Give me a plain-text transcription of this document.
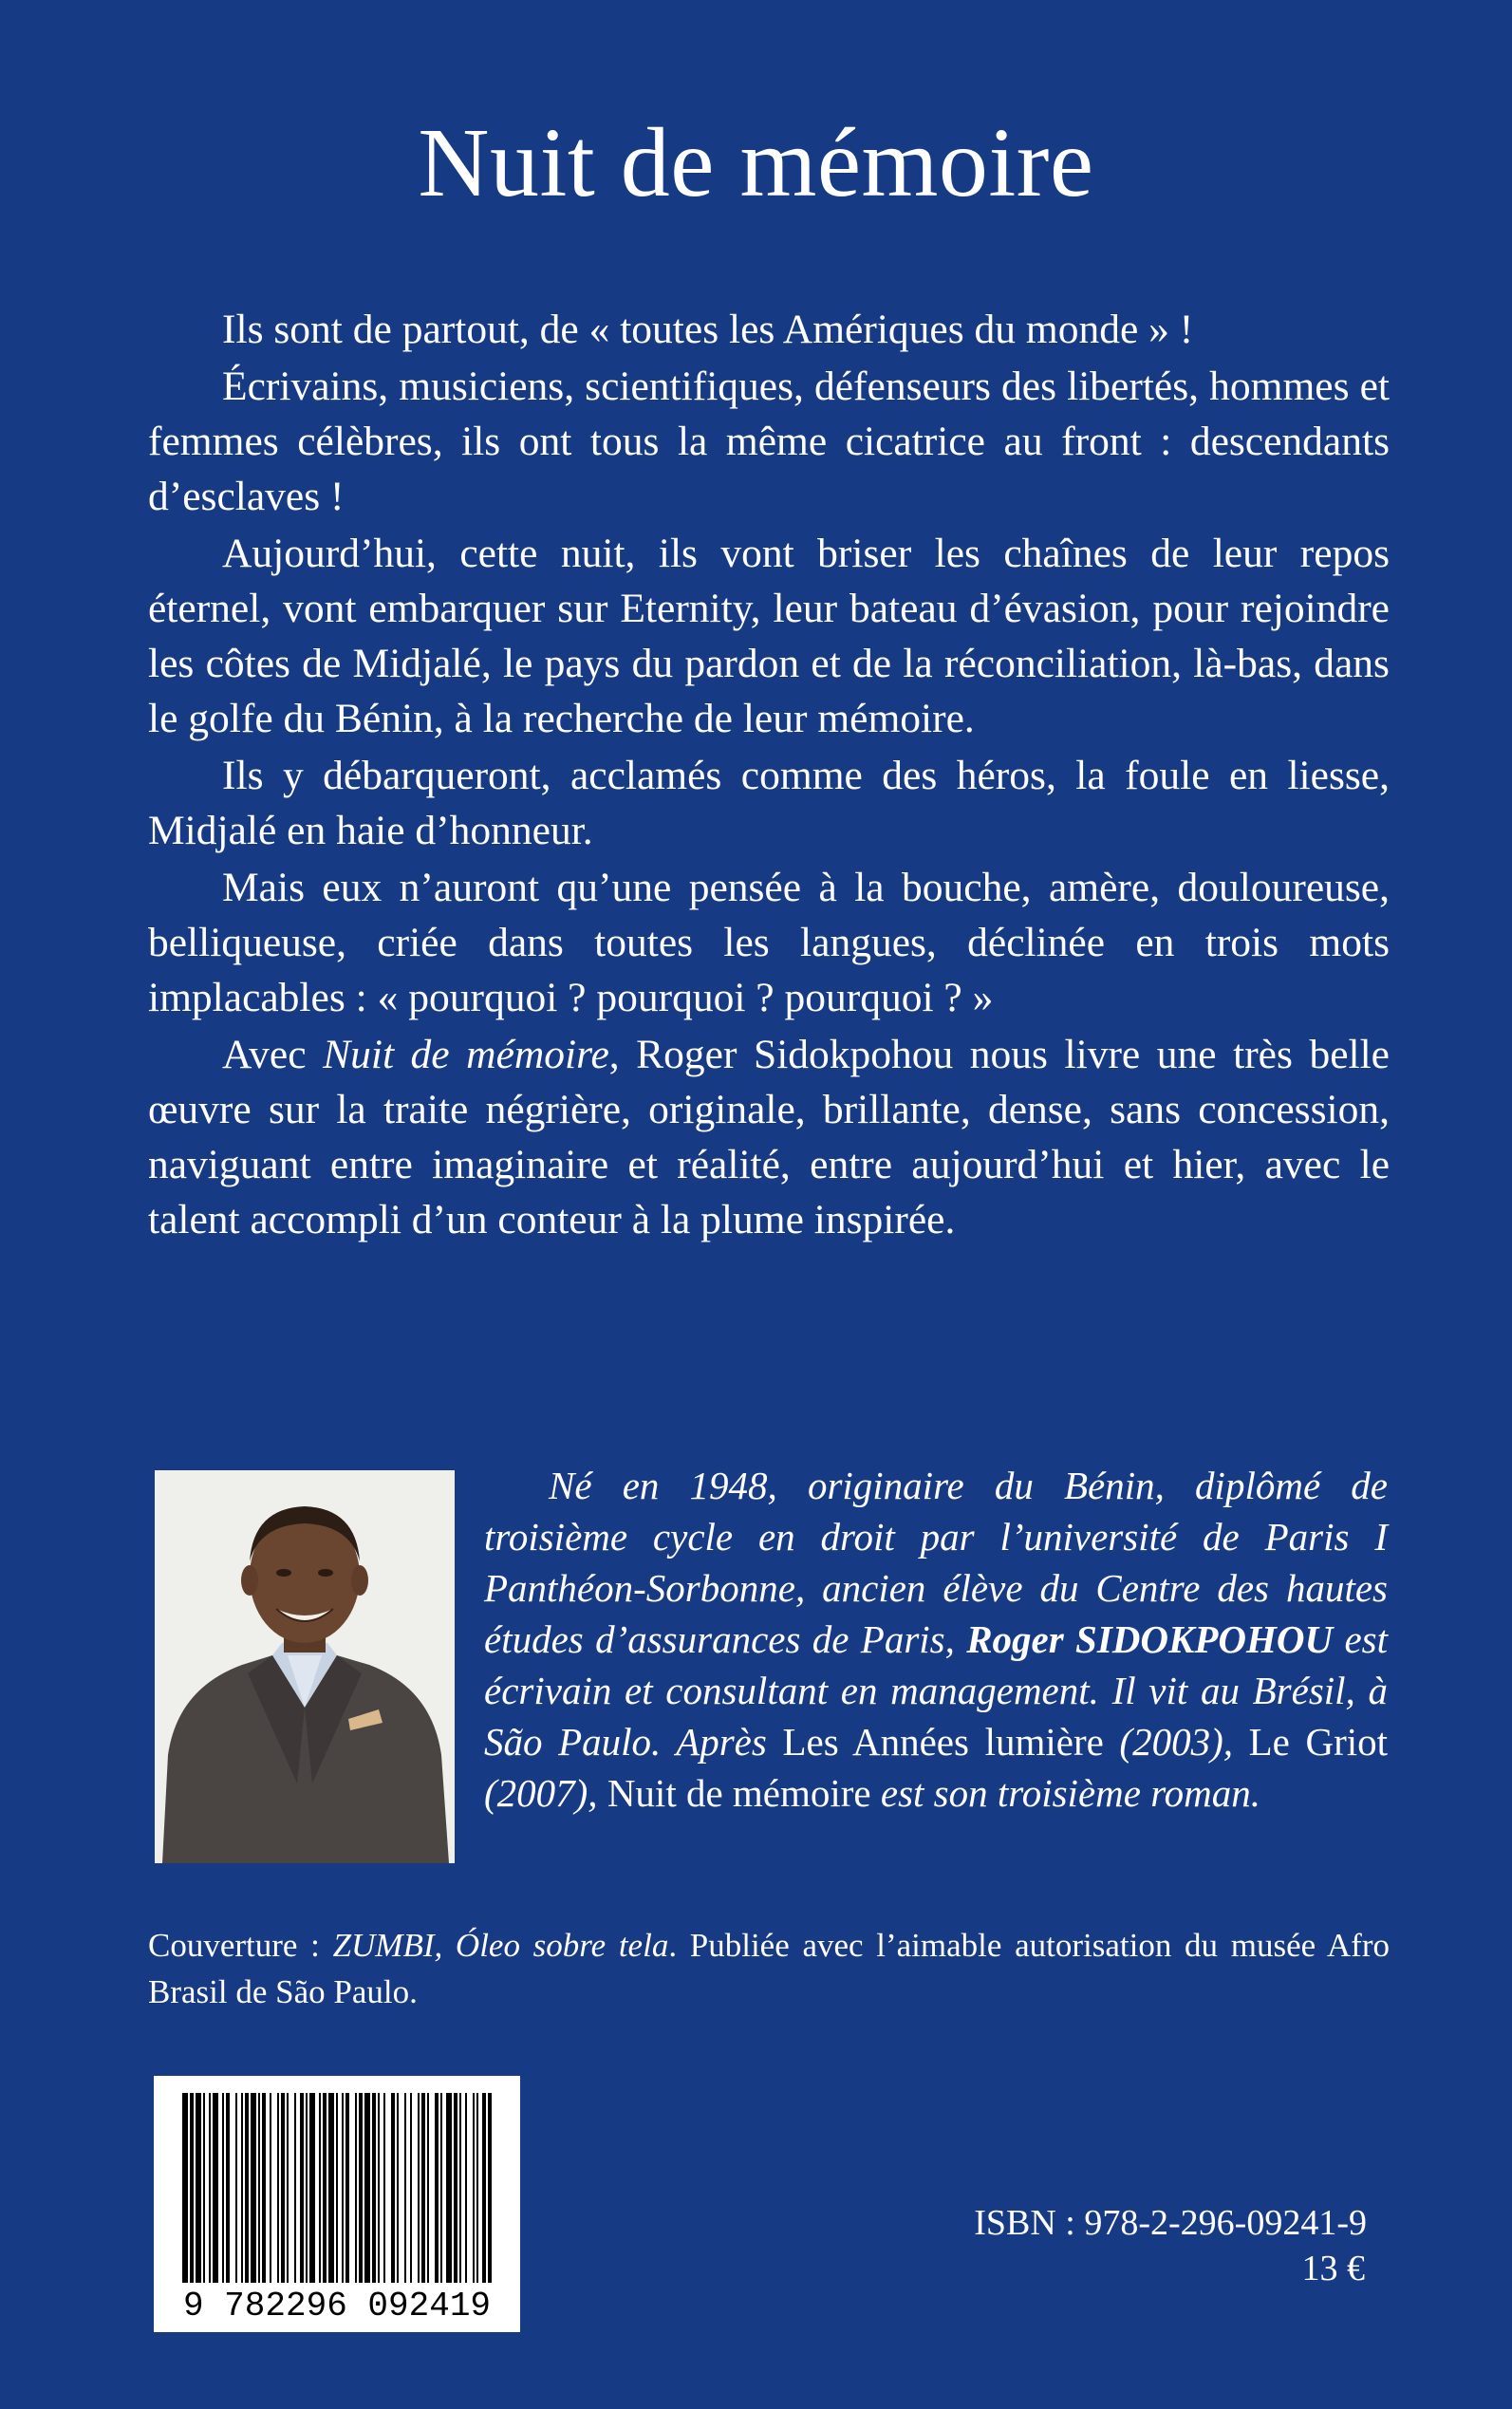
Nuit de mémoire

Ils sont de partout, de « toutes les Amériques du monde » !

Écrivains, musiciens, scientifiques, défenseurs des libertés, hommes et femmes célèbres, ils ont tous la même cicatrice au front : descendants d’esclaves !

Aujourd’hui, cette nuit, ils vont briser les chaînes de leur repos éternel, vont embarquer sur Eternity, leur bateau d’évasion, pour rejoindre les côtes de Midjalé, le pays du pardon et de la réconciliation, là-bas, dans le golfe du Bénin, à la recherche de leur mémoire.

Ils y débarqueront, acclamés comme des héros, la foule en liesse, Midjalé en haie d’honneur.

Mais eux n’auront qu’une pensée à la bouche, amère, douloureuse, belliqueuse, criée dans toutes les langues, déclinée en trois mots implacables : « pourquoi ? pourquoi ? pourquoi ? »

Avec Nuit de mémoire, Roger Sidokpohou nous livre une très belle œuvre sur la traite négrière, originale, brillante, dense, sans concession, naviguant entre imaginaire et réalité, entre aujourd’hui et hier, avec le talent accompli d’un conteur à la plume inspirée.

Né en 1948, originaire du Bénin, diplômé de troisième cycle en droit par l’université de Paris I Panthéon-Sorbonne, ancien élève du Centre des hautes études d’assurances de Paris, Roger SIDOKPOHOU est écrivain et consultant en management. Il vit au Brésil, à São Paulo. Après Les Années lumière (2003), Le Griot (2007), Nuit de mémoire est son troisième roman.

Couverture : ZUMBI, Óleo sobre tela. Publiée avec l’aimable autorisation du musée Afro Brasil de São Paulo.
9 782296 092419
ISBN : 978-2-296-09241-9
13 €
